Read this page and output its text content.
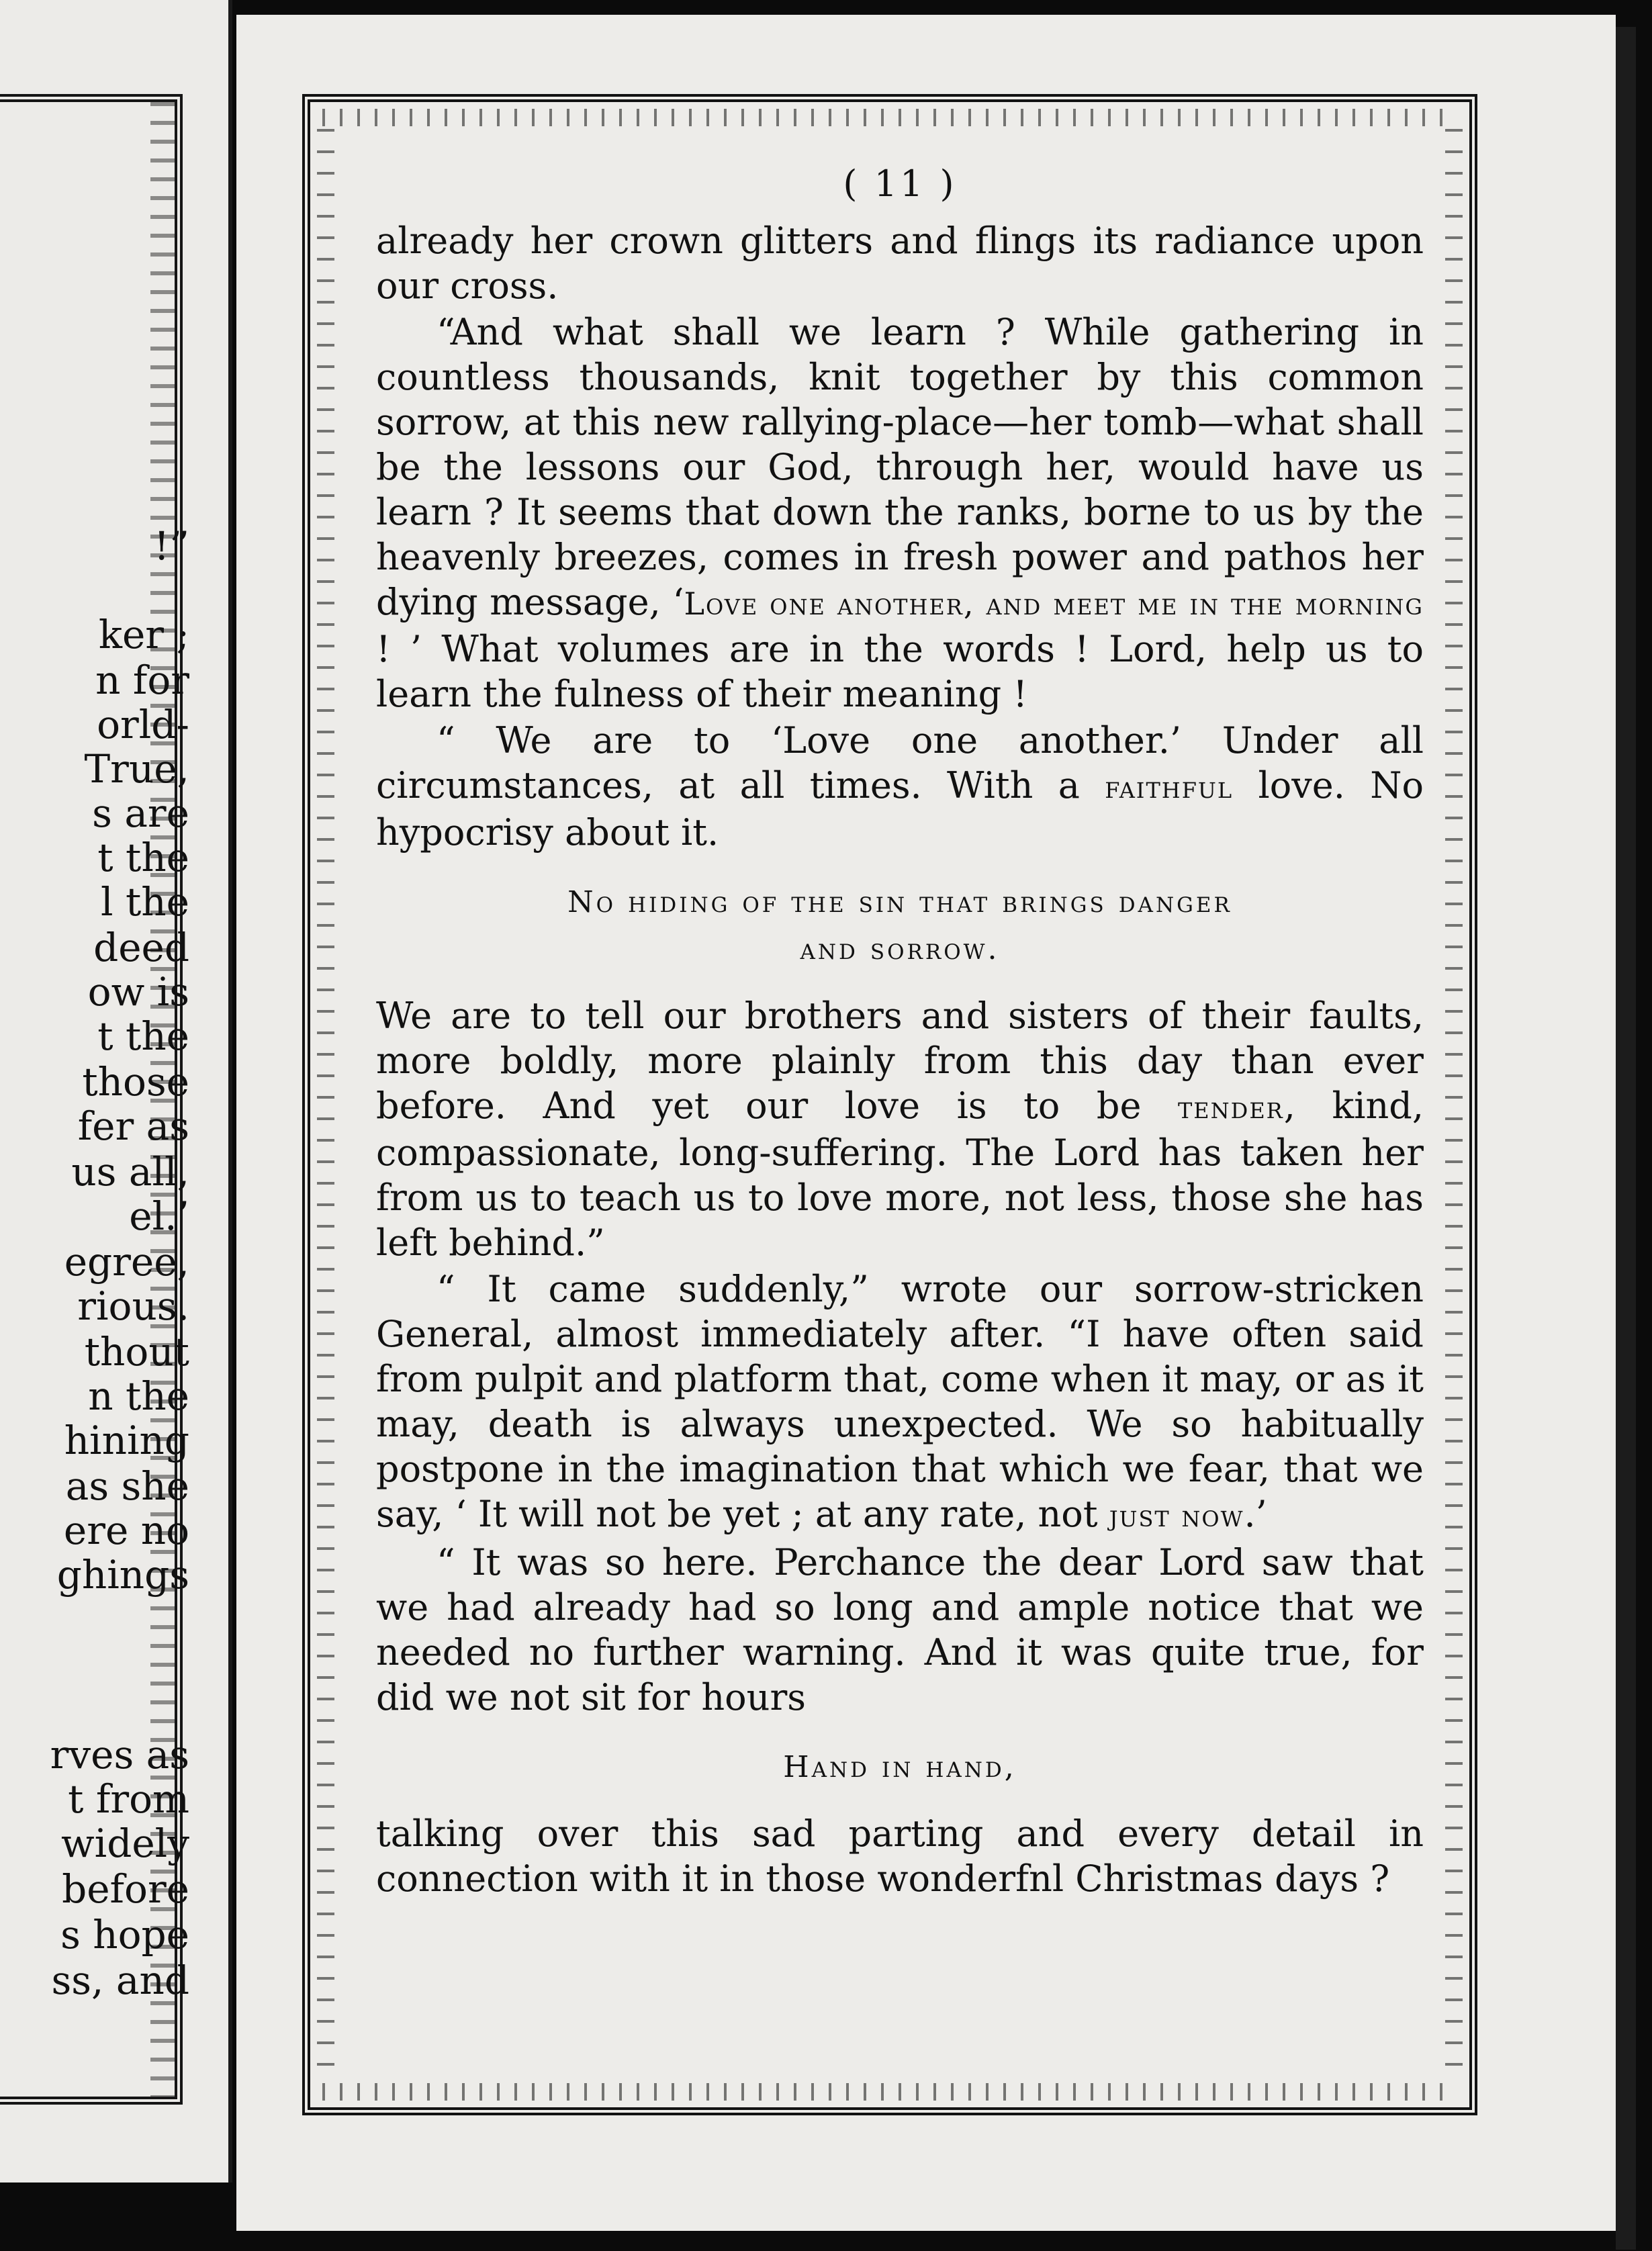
!”
ker ;
n for
orld-
True,
s are
t the
l the
deed
ow is
t the
those
fer as
us all,
el.’
egree,
rious.
thout
n the
hining
as she
ere no
ghings
rves as
t from
widely
before
s hope
ss, and
( 11 )

already her crown glitters and flings its radiance upon our cross.

“And what shall we learn ? While gathering in countless thousands, knit together by this common sorrow, at this new rallying-place—her tomb—what shall be the lessons our God, through her, would have us learn ? It seems that down the ranks, borne to us by the heavenly breezes, comes in fresh power and pathos her dying message, ‘Love one another, and meet me in the morning ! ’ What volumes are in the words ! Lord, help us to learn the fulness of their meaning !

“ We are to ‘Love one another.’ Under all circumstances, at all times. With a faithful love. No hypocrisy about it.

No hiding of the sin that brings danger
and sorrow.

We are to tell our brothers and sisters of their faults, more boldly, more plainly from this day than ever before. And yet our love is to be tender, kind, compassionate, long-suffering. The Lord has taken her from us to teach us to love more, not less, those she has left behind.”

“ It came suddenly,” wrote our sorrow-stricken General, almost immediately after. “I have often said from pulpit and platform that, come when it may, or as it may, death is always unexpected. We so habitually postpone in the imagination that which we fear, that we say, ‘ It will not be yet ; at any rate, not just now.’

“ It was so here. Perchance the dear Lord saw that we had already had so long and ample notice that we needed no further warning. And it was quite true, for did we not sit for hours

Hand in hand,

talking over this sad parting and every detail in connection with it in those wonderfnl Christmas days ?
